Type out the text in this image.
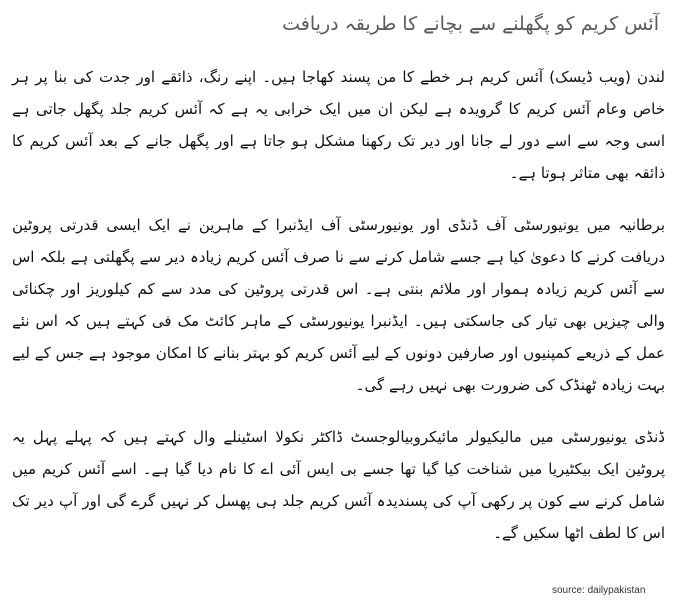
آئس کریم کو پگھلنے سے بچانے کا طریقہ دریافت

لندن (ویب ڈیسک) آئس کریم ہر خطے کا من پسند کھاجا ہیں۔ اپنے رنگ، ذائقے اور جدت کی بنا پر ہر خاص وعام آئس کریم کا گرویدہ ہے لیکن ان میں ایک خرابی یہ ہے کہ آئس کریم جلد پگھل جاتی ہے اسی وجہ سے اسے دور لے جانا اور دیر تک رکھنا مشکل ہو جاتا ہے اور پگھل جانے کے بعد آئس کریم کا ذائقہ بھی متاثر ہوتا ہے۔

برطانیہ میں یونیورسٹی آف ڈنڈی اور یونیورسٹی آف ایڈنبرا کے ماہرین نے ایک ایسی قدرتی پروٹین دریافت کرنے کا دعویٰ کیا ہے جسے شامل کرنے سے نا صرف آئس کریم زیادہ دیر سے پگھلتی ہے بلکہ اس سے آئس کریم زیادہ ہموار اور ملائم بنتی ہے۔ اس قدرتی پروٹین کی مدد سے کم کیلوریز اور چکنائی والی چیزیں بھی تیار کی جاسکتی ہیں۔ ایڈنبرا یونیورسٹی کے ماہر کائٹ مک فی کہتے ہیں کہ اس نئے عمل کے ذریعے کمپنیوں اور صارفین دونوں کے لیے آئس کریم کو بہتر بنانے کا امکان موجود ہے جس کے لیے بہت زیادہ ٹھنڈک کی ضرورت بھی نہیں رہے گی۔

ڈنڈی یونیورسٹی میں مالیکیولر مائیکروبیالوجسٹ ڈاکٹر نکولا اسٹینلے وال کہتے ہیں کہ پہلے پہل یہ پروٹین ایک بیکٹیریا میں شناخت کیا گیا تھا جسے بی ایس آئی اے کا نام دیا گیا ہے۔ اسے آئس کریم میں شامل کرنے سے کون پر رکھی آپ کی پسندیدہ آئس کریم جلد ہی پھسل کر نہیں گرے گی اور آپ دیر تک اس کا لطف اٹھا سکیں گے۔

source: dailypakistan
